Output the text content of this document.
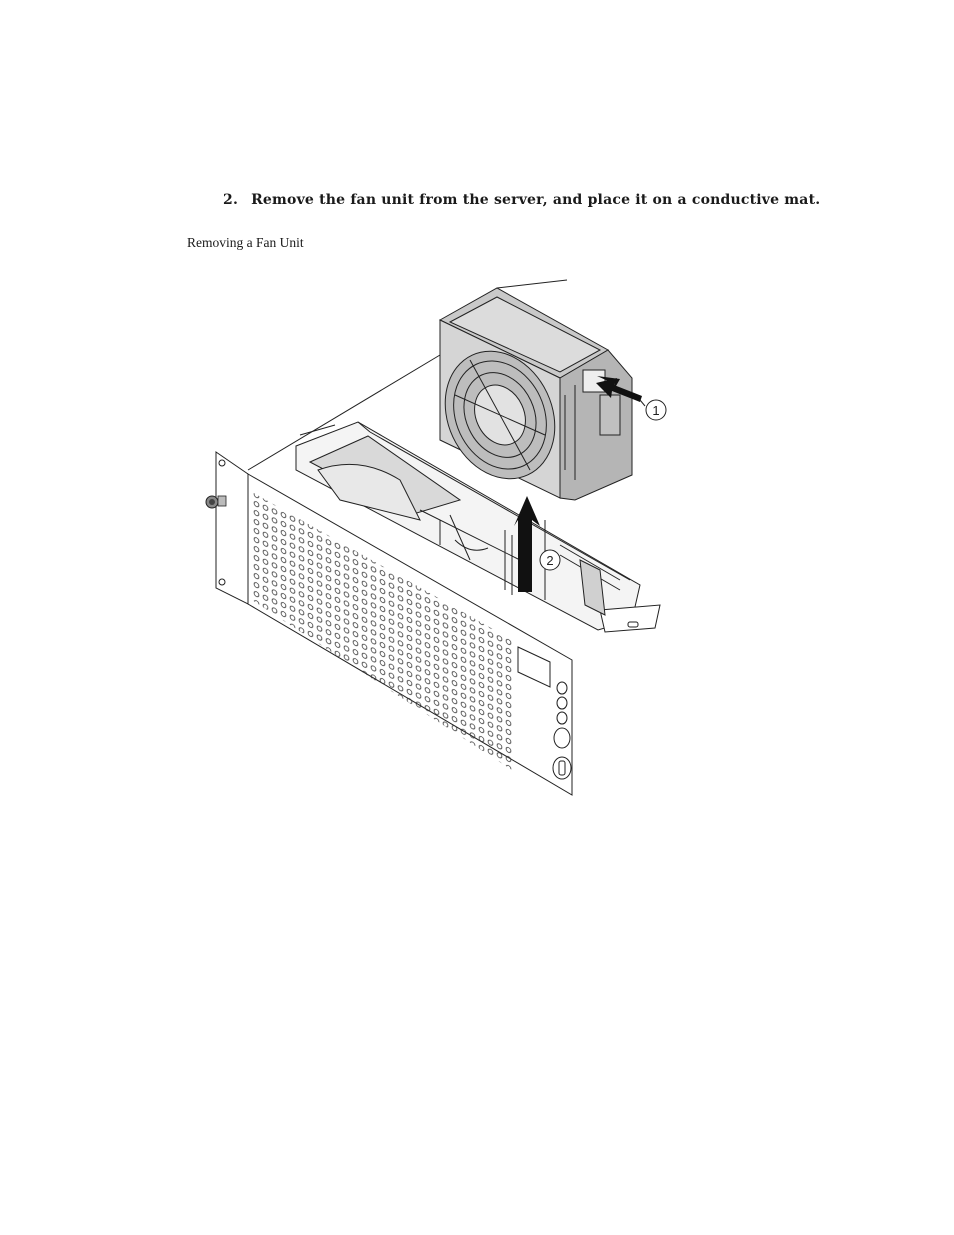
2. Remove the fan unit from the server, and place it on a conductive mat.
Removing a Fan Unit
1
2
